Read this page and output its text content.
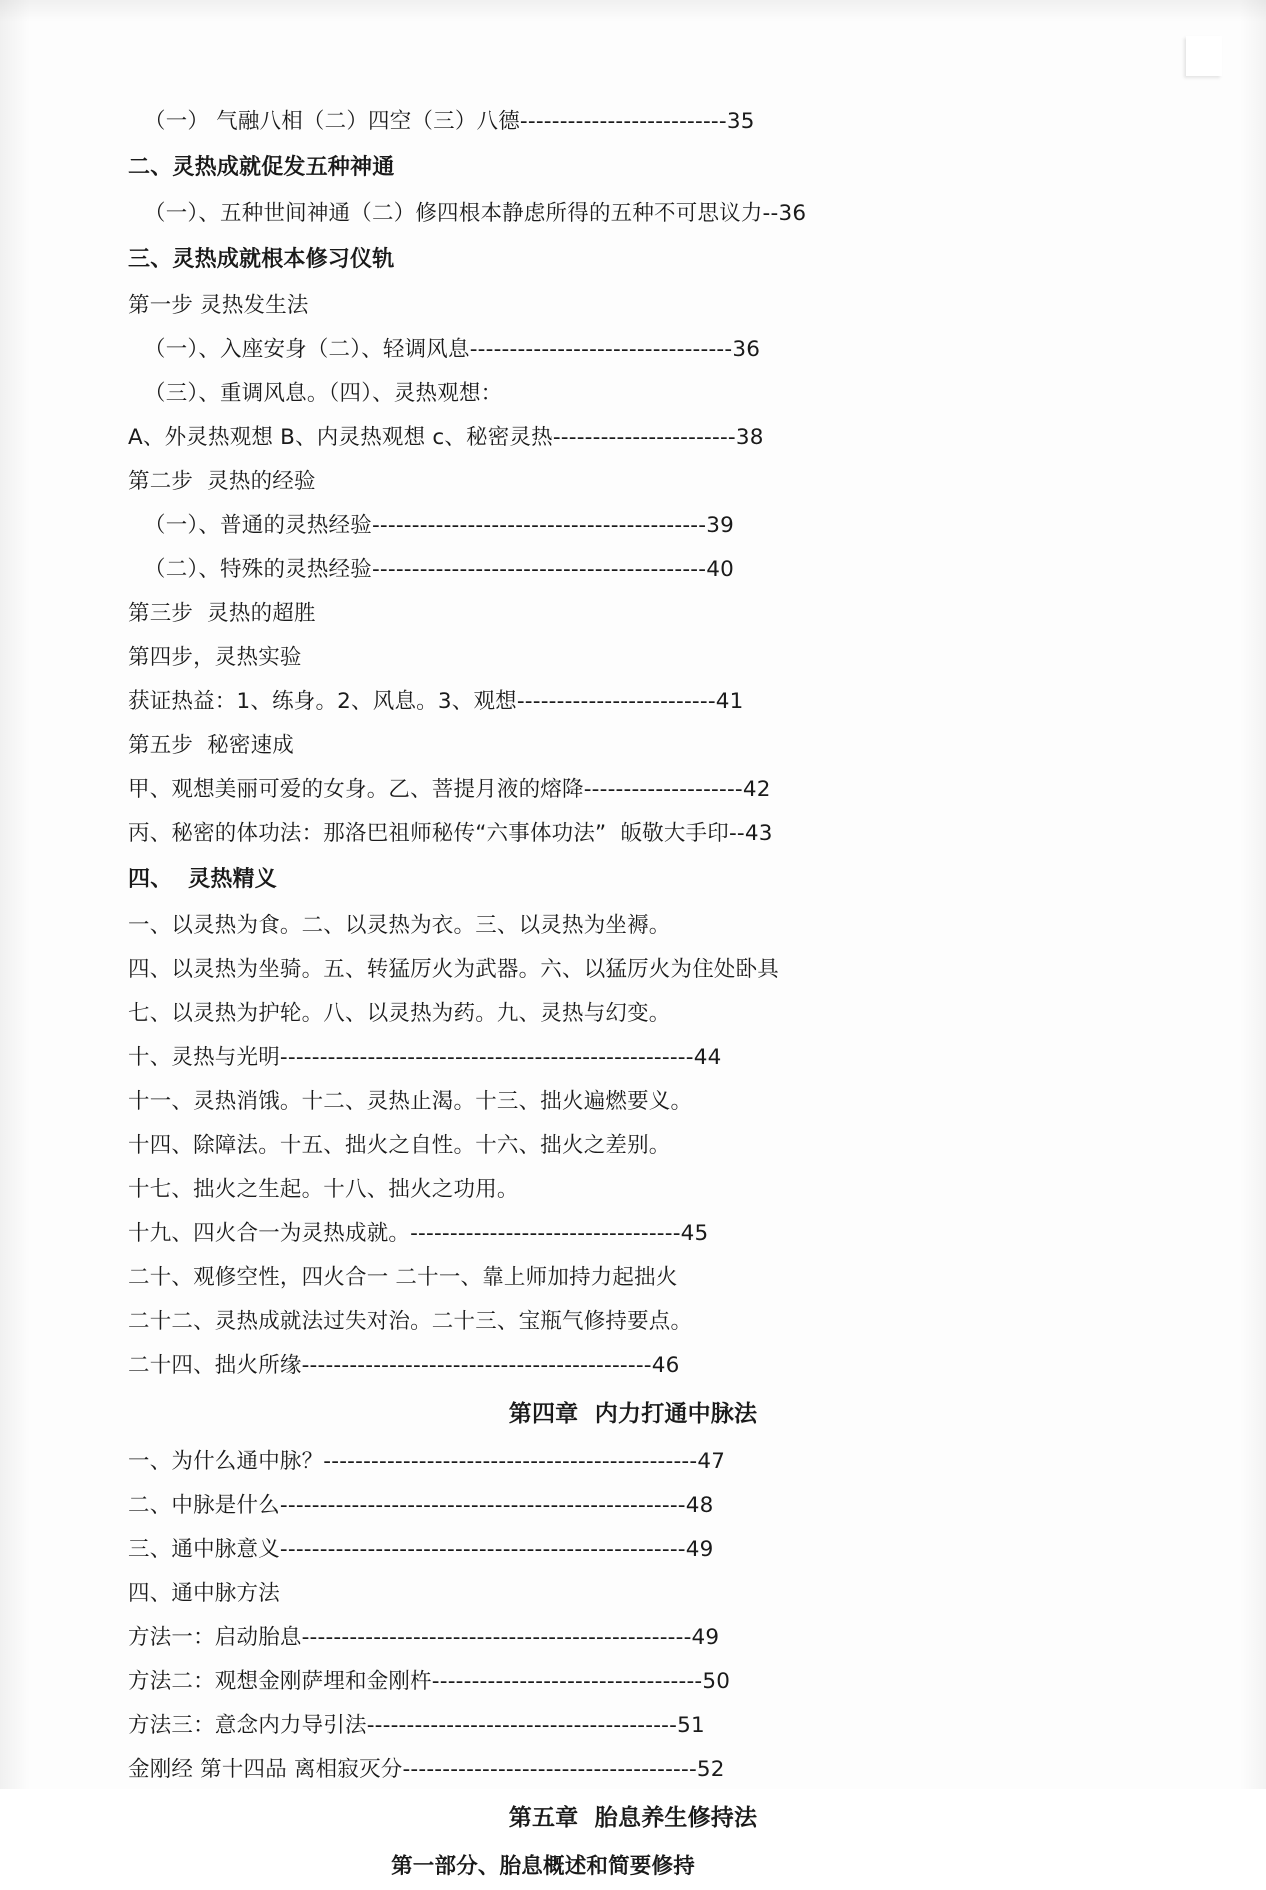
（一） 气融八相（二）四空（三）八德--------------------------35
二、灵热成就促发五种神通
（一）、五种世间神通（二）修四根本静虑所得的五种不可思议力--36
三、灵热成就根本修习仪轨
第一步 灵热发生法
（一）、入座安身（二）、轻调风息---------------------------------36
（三）、重调风息。（四）、灵热观想：
A、外灵热观想 B、内灵热观想 c、秘密灵热-----------------------38
第二步  灵热的经验
（一）、普通的灵热经验------------------------------------------39
（二）、特殊的灵热经验------------------------------------------40
第三步  灵热的超胜
第四步，灵热实验
获证热益：1、练身。2、风息。3、观想-------------------------41
第五步  秘密速成
甲、观想美丽可爱的女身。乙、菩提月液的熔降--------------------42
丙、秘密的体功法：那洛巴祖师秘传“六事体功法”  皈敬大手印--43
四、  灵热精义
一、以灵热为食。二、以灵热为衣。三、以灵热为坐褥。
四、以灵热为坐骑。五、转猛厉火为武器。六、以猛厉火为住处卧具
七、以灵热为护轮。八、以灵热为药。九、灵热与幻变。
十、灵热与光明----------------------------------------------------44
十一、灵热消饿。十二、灵热止渴。十三、拙火遍燃要义。
十四、除障法。十五、拙火之自性。十六、拙火之差别。
十七、拙火之生起。十八、拙火之功用。
十九、四火合一为灵热成就。----------------------------------45
二十、观修空性，四火合一 二十一、靠上师加持力起拙火
二十二、灵热成就法过失对治。二十三、宝瓶气修持要点。
二十四、拙火所缘--------------------------------------------46
第四章  内力打通中脉法
一、为什么通中脉？-----------------------------------------------47
二、中脉是什么---------------------------------------------------48
三、通中脉意义---------------------------------------------------49
四、通中脉方法
方法一：启动胎息-------------------------------------------------49
方法二：观想金刚萨埋和金刚杵----------------------------------50
方法三：意念内力导引法---------------------------------------51
金刚经 第十四品 离相寂灭分-------------------------------------52
第五章  胎息养生修持法
第一部分、胎息概述和简要修持
